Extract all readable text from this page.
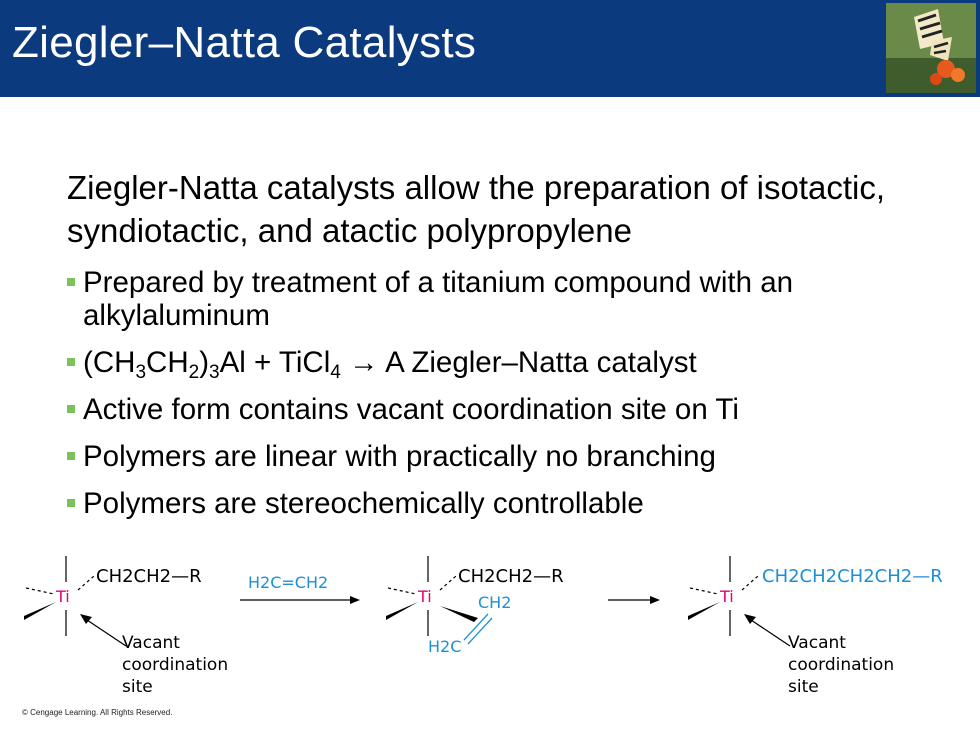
Ziegler–Natta Catalysts
Ziegler-Natta catalysts allow the preparation of isotactic, syndiotactic, and atactic polypropylene
Prepared by treatment of a titanium compound with an alkylaluminum
$(CH_3CH_2)_3Al$ + TiCl$_4$ → A Ziegler–Natta catalyst
Active form contains vacant coordination site on Ti
Polymers are linear with practically no branching
Polymers are stereochemically controllable
Ti
CH2CH2—R
Vacant
coordination
site
H2C=CH2
Ti
CH2CH2—R
CH2
H2C
Ti
CH2CH2CH2CH2—R
Vacant
coordination
site
© Cengage Learning. All Rights Reserved.
